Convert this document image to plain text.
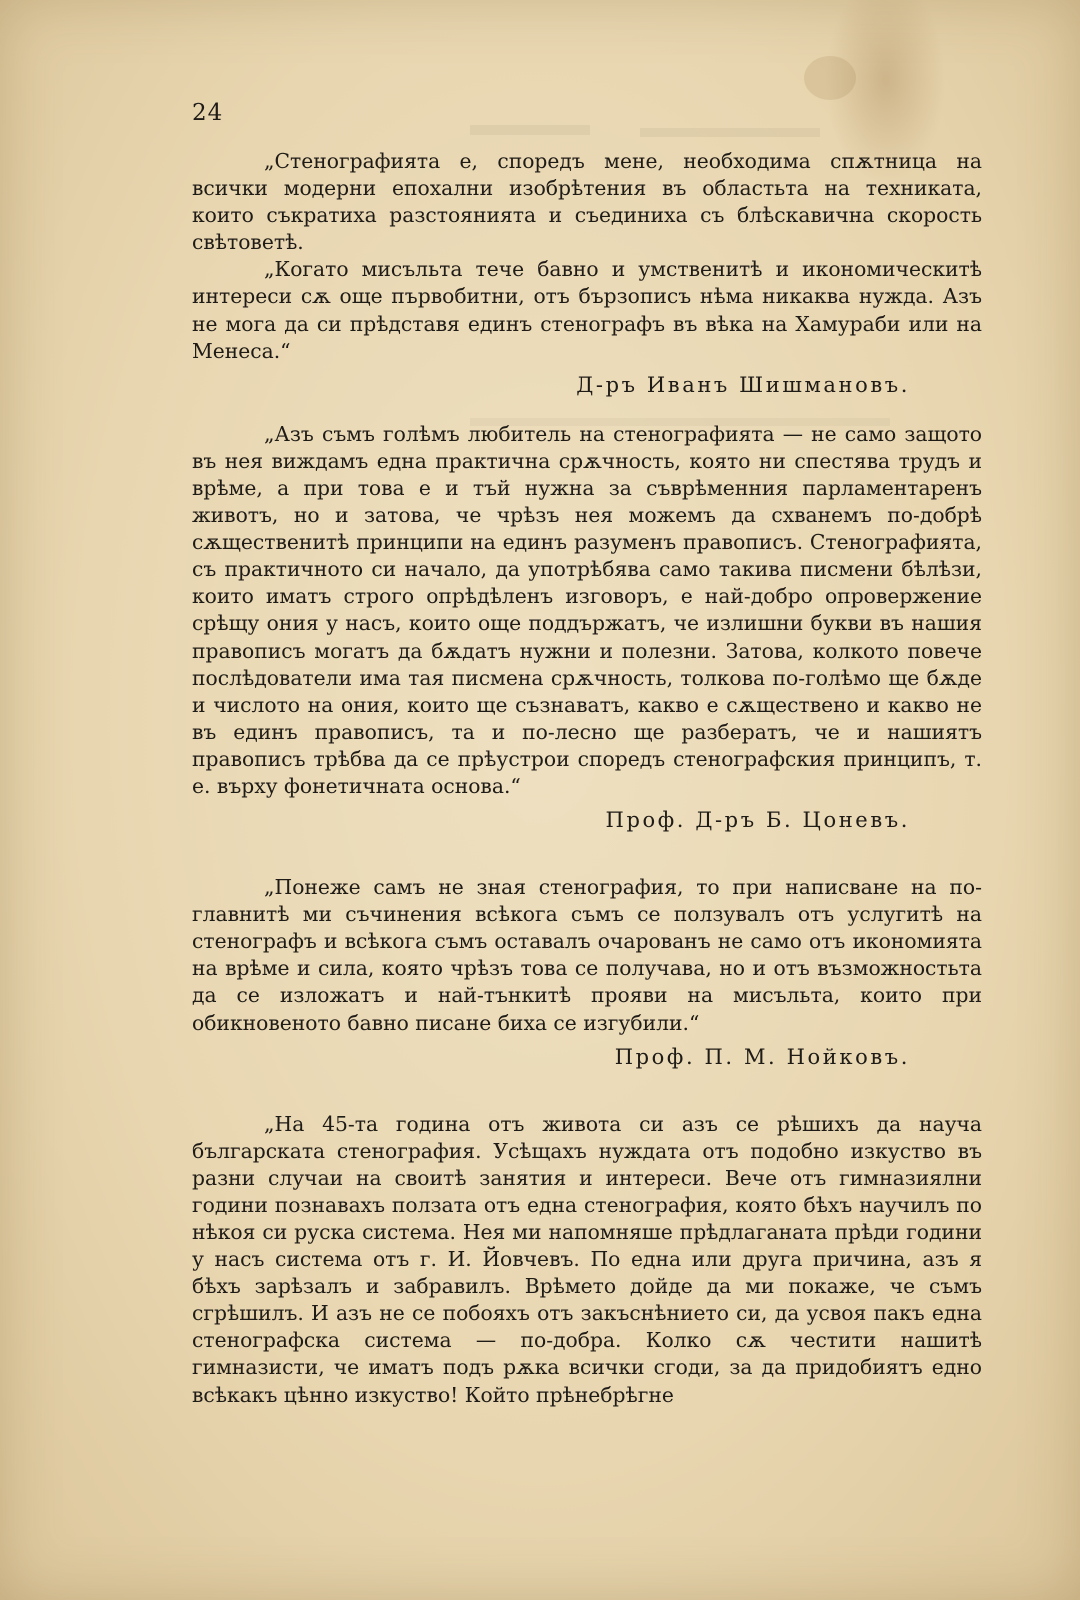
24

„Стенографията е, споредъ мене, необходима спѫтница на всички модерни епохални изобрѣтения въ областьта на техниката, които съкратиха разстоянията и съединиха съ блѣскавична скорость свѣтоветѣ.

„Когато мисъльта тече бавно и умственитѣ и икономическитѣ интереси сѫ още първобитни, отъ бързописъ нѣма никаква нужда. Азъ не мога да си прѣдставя единъ стенографъ въ вѣка на Хамураби или на Менеса.“

Д-ръ Иванъ Шишмановъ.

„Азъ съмъ голѣмъ любитель на стенографията — не само защото въ нея виждамъ една практична срѫчность, която ни спестява трудъ и врѣме, а при това е и тъй нужна за съврѣменния парламентаренъ животъ, но и затова, че чрѣзъ нея можемъ да схванемъ по-добрѣ сѫщественитѣ принципи на единъ разуменъ правописъ. Стенографията, съ практичното си начало, да употрѣбява само такива писмени бѣлѣзи, които иматъ строго опрѣдѣленъ изговоръ, е най-добро опровержение срѣщу ония у насъ, които още поддържатъ, че излишни букви въ нашия правописъ могатъ да бѫдатъ нужни и полезни. Затова, колкото повече послѣдователи има тая писмена срѫчность, толкова по-голѣмо ще бѫде и числото на ония, които ще съзнаватъ, какво е сѫществено и какво не въ единъ правописъ, та и по-лесно ще разбератъ, че и нашиятъ правописъ трѣбва да се прѣустрои споредъ стенографския принципъ, т. е. върху фонетичната основа.“

Проф. Д-ръ Б. Цоневъ.

„Понеже самъ не зная стенография, то при написване на по-главнитѣ ми съчинения всѣкога съмъ се ползувалъ отъ услугитѣ на стенографъ и всѣкога съмъ оставалъ очарованъ не само отъ икономията на врѣме и сила, която чрѣзъ това се получава, но и отъ възможностьта да се изложатъ и най-тънкитѣ прояви на мисъльта, които при обикновеното бавно писане биха се изгубили.“

Проф. П. М. Нойковъ.

„На 45-та година отъ живота си азъ се рѣшихъ да науча българската стенография. Усѣщахъ нуждата отъ подобно изкуство въ разни случаи на своитѣ занятия и интереси. Вече отъ гимназиялни години познавахъ ползата отъ една стенография, която бѣхъ научилъ по нѣкоя си руска система. Нея ми напомняше прѣдлаганата прѣди години у насъ система отъ г. И. Йовчевъ. По една или друга причина, азъ я бѣхъ зарѣзалъ и забравилъ. Врѣмето дойде да ми покаже, че съмъ сгрѣшилъ. И азъ не се побояхъ отъ закъснѣнието си, да усвоя пакъ една стенографска система — по-добра. Колко сѫ честити нашитѣ гимназисти, че иматъ подъ рѫка всички сгоди, за да придобиятъ едно всѣкакъ цѣнно изкуство! Който прѣнебрѣгне
